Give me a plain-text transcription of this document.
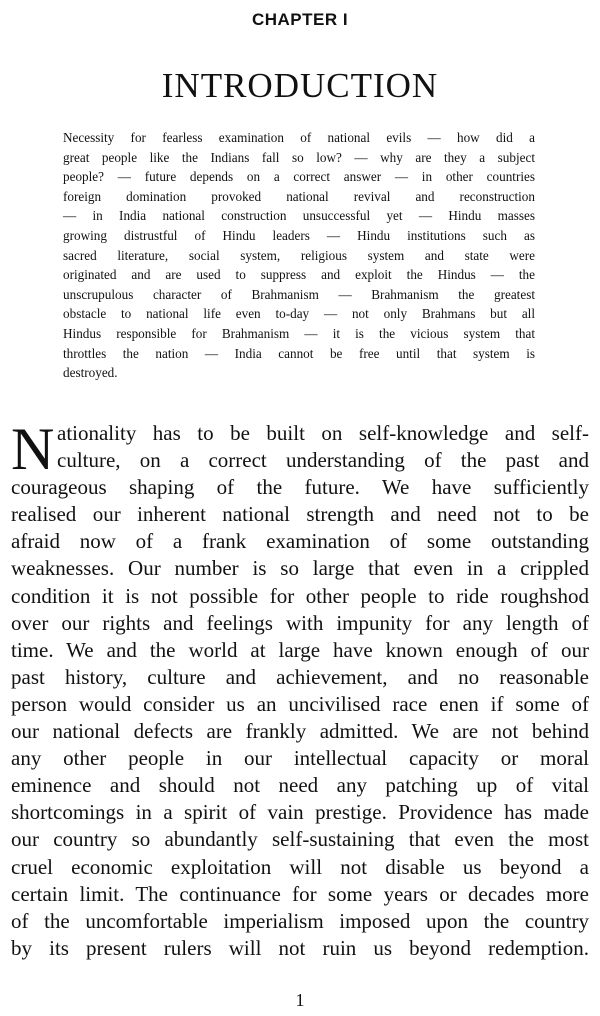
CHAPTER I
INTRODUCTION
Necessity for fearless examination of national evils — how did a
great people like the Indians fall so low? — why are they a subject
people? — future depends on a correct answer — in other countries
foreign domination provoked national revival and reconstruction
— in India national construction unsuccessful yet — Hindu masses
growing distrustful of Hindu leaders — Hindu institutions such as
sacred literature, social system, religious system and state were
originated and are used to suppress and exploit the Hindus — the
unscrupulous character of Brahmanism — Brahmanism the greatest
obstacle to national life even to-day — not only Brahmans but all
Hindus responsible for Brahmanism — it is the vicious system that
throttles the nation — India cannot be free until that system is
destroyed.
N ationality has to be built on self-knowledge and self-
culture, on a correct understanding of the past and
courageous shaping of the future. We have sufficiently
realised our inherent national strength and need not to be
afraid now of a frank examination of some outstanding
weaknesses. Our number is so large that even in a crippled
condition it is not possible for other people to ride roughshod
over our rights and feelings with impunity for any length of
time. We and the world at large have known enough of our
past history, culture and achievement, and no reasonable
person would consider us an uncivilised race enen if some of
our national defects are frankly admitted. We are not behind
any other people in our intellectual capacity or moral
eminence and should not need any patching up of vital
shortcomings in a spirit of vain prestige. Providence has made
our country so abundantly self-sustaining that even the most
cruel economic exploitation will not disable us beyond a
certain limit. The continuance for some years or decades more
of the uncomfortable imperialism imposed upon the country
by its present rulers will not ruin us beyond redemption.
1
